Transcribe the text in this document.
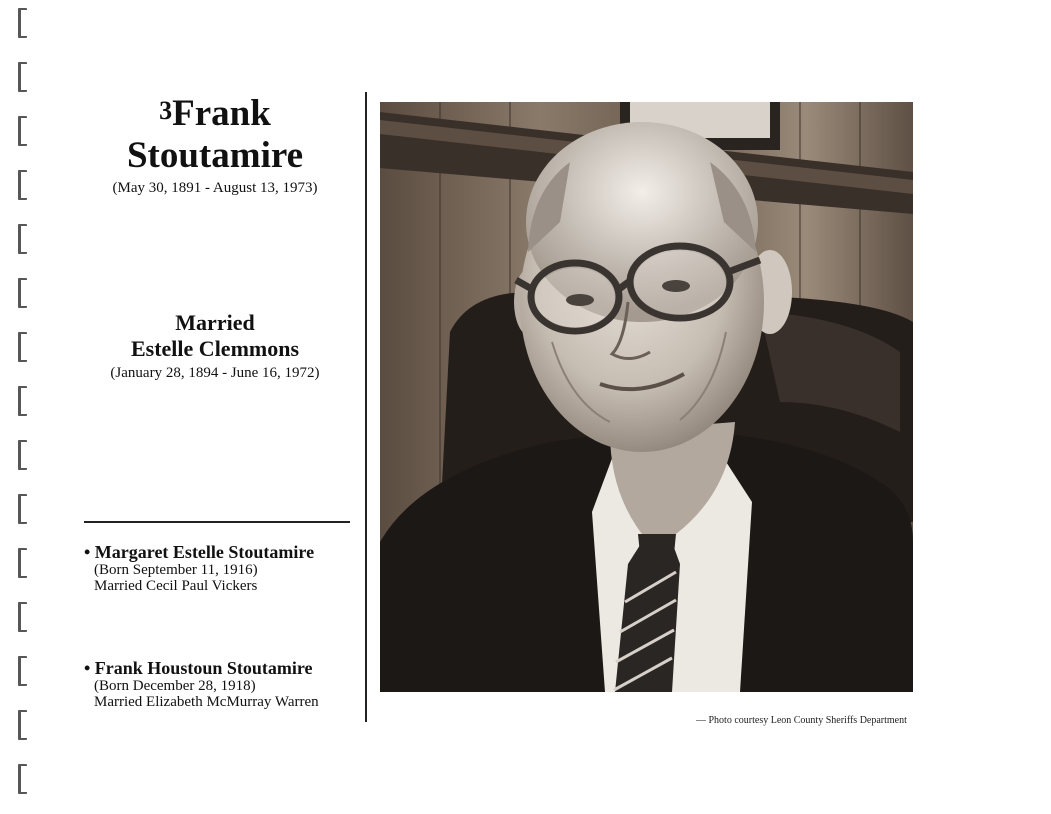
$^3$Frank
Stoutamire
(May 30, 1891 - August 13, 1973)
Married
Estelle Clemmons
(January 28, 1894 - June 16, 1972)
• Margaret Estelle Stoutamire
(Born September 11, 1916)
Married Cecil Paul Vickers
• Frank Houstoun Stoutamire
(Born December 28, 1918)
Married Elizabeth McMurray Warren
— Photo courtesy Leon County Sheriffs Department
